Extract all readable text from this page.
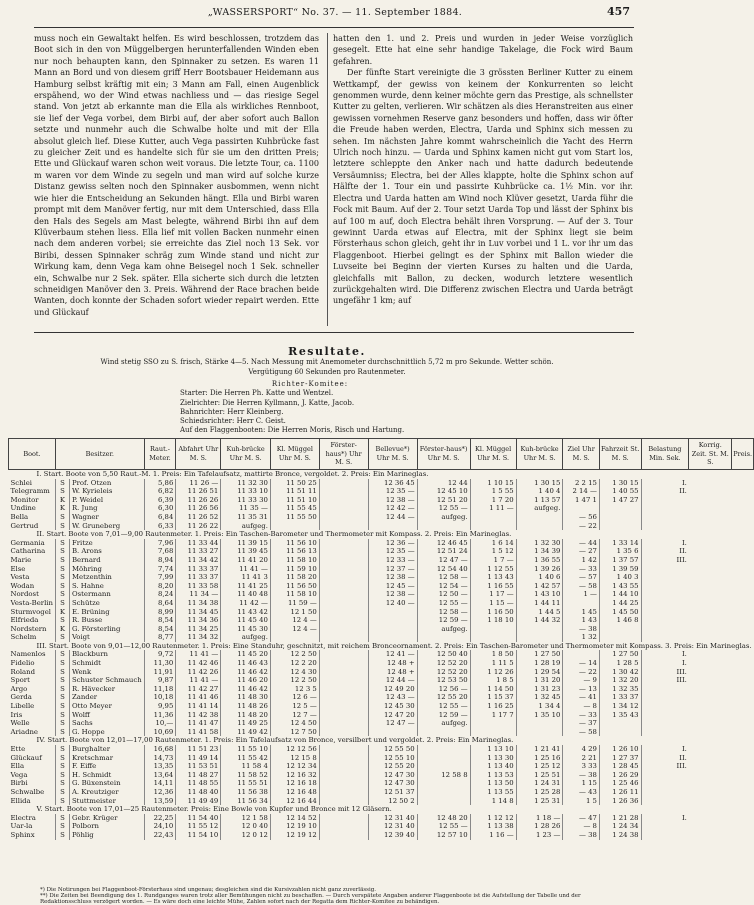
„WASSERSPORT“ No. 37. — 11. September 1884.	457

muss noch ein Gewaltakt helfen. Es wird beschlossen, trotzdem das Boot sich in den von Müggelbergen herunterfallenden Winden eben nur noch behaupten kann, den Spinnaker zu setzen. Es waren 11 Mann an Bord und von diesem griff Herr Bootsbauer Heidemann aus Hamburg selbst kräftig mit ein; 3 Mann am Fall, einen Augenblick erspähend, wo der Wind etwas nachliess und — das riesige Segel stand. Von jetzt ab erkannte man die Ella als wirkliches Rennboot, sie lief der Vega vorbei, dem Birbi auf, der aber sofort auch Ballon setzte und nunmehr auch die Schwalbe holte und mit der Ella absolut gleich lief. Diese Kutter, auch Vega passirten Kuhbrücke fast zu gleicher Zeit und es handelte sich für sie um den dritten Preis; Ette und Glückauf waren schon weit voraus. Die letzte Tour, ca. 1100 m waren vor dem Winde zu segeln und man wird auf solche kurze Distanz gewiss selten noch den Spinnaker ausbommen, wenn nicht wie hier die Entscheidung an Sekunden hängt. Ella und Birbi waren prompt mit dem Manöver fertig, nur mit dem Unterschied, dass Ella den Hals des Segels am Mast belegte, während Birbi ihn auf dem Klüverbaum stehen liess. Ella lief mit vollen Backen nunmehr einen nach dem anderen vorbei; sie erreichte das Ziel noch 13 Sek. vor Biribi, dessen Spinnaker schräg zum Winde stand und nicht zur Wirkung kam, denn Vega kam ohne Beisegel noch 1 Sek. schneller ein, Schwalbe nur 2 Sek. später. Ella sicherte sich durch die letzten schneidigen Manöver den 3. Preis. Während der Race brachen beide Wanten, doch konnte der Schaden sofort wieder repairt werden. Ette und Glückauf

hatten den 1. und 2. Preis und wurden in jeder Weise vorzüglich gesegelt. Ette hat eine sehr handige Takelage, die Fock wird Baum gefahren.

Der fünfte Start vereinigte die 3 grössten Berliner Kutter zu einem Wettkampf, der gewiss von keinem der Konkurrenten so leicht genommen wurde, denn keiner möchte gern das Prestige, als schnellster Kutter zu gelten, verlieren. Wir schätzen als dies Heranstreiten aus einer gewissen vornehmen Reserve ganz besonders und hoffen, dass wir öfter die Freude haben werden, Electra, Uarda und Sphinx sich messen zu sehen. Im nächsten Jahre kommt wahrscheinlich die Yacht des Herrn Ulrich noch hinzu. — Uarda und Sphinx kamen nicht gut vom Start los, letztere schleppte den Anker nach und hatte dadurch bedeutende Versäumniss; Electra, bei der Alles klappte, holte die Sphinx schon auf Hälfte der 1. Tour ein und passirte Kuhbrücke ca. 1½ Min. vor ihr. Electra und Uarda hatten am Wind noch Klüver gesetzt, Uarda führ die Fock mit Baum. Auf der 2. Tour setzt Uarda Top und lässt der Sphinx bis auf 100 m auf, doch Electra behält ihren Vorsprung. — Auf der 3. Tour gewinnt Uarda etwas auf Electra, mit der Sphinx liegt sie beim Försterhaus schon gleich, geht ihr in Luv vorbei und 1 L. vor ihr um das Flaggenboot. Hierbei gelingt es der Sphinx mit Ballon wieder die Luvseite bei Beginn der vierten Kurses zu halten und die Uarda, gleichfalls mit Ballon, zu decken, wodurch letztere wesentlich zurückgehalten wird. Die Differenz zwischen Electra und Uarda beträgt ungefähr 1 km; auf

Resultate.
Wind stetig SSO zu S. frisch, Stärke 4—5. Nach Messung mit Anemometer durchschnittlich 5,72 m pro Sekunde. Wetter schön.
Vergütigung 60 Sekunden pro Rautenmeter.
Richter-Komitee:
Starter: Die Herren Ph. Katte und Wentzel.
Zielrichter: Die Herren Kyllmann, J. Katte, Jacob.
Bahnrichter: Herr Kleinberg.
Schiedsrichter: Herr C. Geist.
Auf den Flaggenbooten: Die Herren Moris, Risch und Hartung.
Boot.	Besitzer.		Raut.-Meter.	Abfahrt Uhr M. S.	Kuh-brücke Uhr M. S.	Kl. Müggel Uhr M. S.	Förster-haus*) Uhr M. S.	Bellevue*) Uhr M. S.	Förster-haus*) Uhr M. S.	Kl. Müggel Uhr M. S.	Kuh-brücke Uhr M. S.	Ziel Uhr M. S.	Fahrzeit St. M. S.	Belastung Min. Sek.	Korrig. Zeit. St. M. S.	Preis.
I. Start. Boote von 5,50 Raut.-M. 1. Preis: Ein Tafelaufsatz, mattirte Bronce, vergoldet. 2. Preis: Ein Marineglas.																
Schlei	S	Prof. Otzen	5,86	11 26 —	11 32 30	11 50 25		12 36 45	12 44	1 10 15	1 30 15	2 2 15	1 30 15	I.		
Telegramm	S	W. Kyrieleis	6,82	11 26 51	11 33 10	11 51 11		12 35 —	12 45 10	1 5 55	1 40 4	2 14 —	1 40 55	II.		
Monitor	K	P. Weidel	6,39	11 26 26	11 33 30	11 51 10		12 38 —	12 51 20	1 7 20	1 13 57	1 47 1	1 47 27			
Undine	K	R. Jung	6,30	11 26 56	11 35 —	11 55 45		12 42 —	12 55 —	1 11 —	aufgeg.					
Bella	S	Wagner	6,84	11 26 52	11 35 31	11 55 50		12 44 —	aufgeg.			— 56				
Gertrud	S	W. Gruneberg	6,33	11 26 22	aufgeg.							— 22				
II. Start. Boote von 7,01—9,00 Rautenmeter. 1. Preis: Ein Taschen-Barometer und Thermometer mit Kompass. 2. Preis: Ein Marineglas.																
Germania	S	Fritze	7,96	11 33 44	11 39 15	11 56 10		12 36 —	12 46 45	1 6 14	1 32 30	— 44	1 33 14	I.		
Catharina	S	B. Arons	7,68	11 33 27	11 39 45	11 56 13		12 35 —	12 51 24	1 5 12	1 34 39	— 27	1 35 6	II.		
Marie	S	Bernard	8,94	11 34 42	11 41 20	11 58 10		12 33 —	12 47 —	1 7 —	1 36 55	1 42	1 37 57	III.		
Else	S	Möhring	7,74	11 33 37	11 41 —	11 59 10		12 37 —	12 54 40	1 12 55	1 39 26	— 33	1 39 59			
Vesta	S	Metzenthin	7,99	11 33 37	11 41 3	11 58 20		12 38 —	12 58 —	1 13 43	1 40 6	— 57	1 40 3			
Wodan	S	S. Hahne	8,20	11 33 58	11 41 25	11 56 50		12 45 —	12 54 —	1 16 55	1 42 57	— 58	1 43 55			
Nordost	S	Ostermann	8,24	11 34 —	11 40 48	11 58 10		12 38 —	12 50 —	1 17 —	1 43 10	1 —	1 44 10			
Vesta-Berlin	S	Schütze	8,64	11 34 38	11 42 —	11 59 —		12 40 —	12 55 —	1 15 —	1 44 11		1 44 25			
Sturmvogel	K	E. Brüning	8,99	11 34 45	11 43 42	12 1 50			12 58 —	1 16 50	1 44 5	1 45	1 45 50			
Elfrieda	S	R. Busse	8,54	11 34 36	11 45 40	12 4 —			12 59 —	1 18 10	1 44 32	1 43	1 46 8			
Nordstern	K	G. Försterling	8,54	11 34 25	11 45 30	12 4 —			aufgeg.			— 38				
Schelm	S	Voigt	8,77	11 34 32	aufgeg.							1 32				
III. Start. Boote von 9,01—12,00 Rautenmeter. 1. Preis: Eine Standuhr, geschnitzt, mit reichem Bronceornament. 2. Preis: Ein Taschen-Barometer und Thermometer mit Kompass. 3. Preis: Ein Marineglas.																
Namenlos	S	Blackburn	9,72	11 41 —	11 45 20	12 2 50		12 41 —	12 50 40	1 8 50	1 27 50		1 27 50	I.		
Fidelio	S	Schmidt	11,30	11 42 46	11 46 43	12 2 20		12 48 +	12 52 20	1 11 5	1 28 19	— 14	1 28 5	I.		
Roland	S	Wenk	11,91	11 42 26	11 46 42	12 4 30		12 48 +	12 52 20	1 12 26	1 29 54	— 22	1 30 42	III.		
Sport	S	Schuster Schmauch	9,87	11 41 —	11 46 20	12 2 50		12 44 —	12 53 50	1 8 5	1 31 20	— 9	1 32 20	III.		
Argo	S	R. Hävecker	11,18	11 42 27	11 46 42	12 3 5		12 49 20	12 56 —	1 14 50	1 31 23	— 13	1 32 35			
Gerda	S	Zander	10,18	11 41 46	11 48 30	12 6 —		12 43 —	12 55 20	1 15 37	1 32 45	— 41	1 33 37			
Libelle	S	Otto Meyer	9,95	11 41 14	11 48 26	12 5 —		12 45 30	12 55 —	1 16 25	1 34 4	— 8	1 34 12			
Iris	S	Wolff	11,36	11 42 38	11 48 20	12 7 —		12 47 20	12 59 —	1 17 7	1 35 10	— 33	1 35 43			
Welle	S	Sachs	10,—	11 41 47	11 49 25	12 4 50		12 47 —	aufgeg.			— 37				
Ariadne	S	G. Hoppe	10,69	11 41 58	11 49 42	12 7 50						— 58				
IV. Start. Boote von 12,01—17,00 Rautenmeter. 1. Preis: Ein Tafelaufsatz von Bronce, versilbert und vergoldet. 2. Preis: Ein Marineglas.																
Ette	S	Burghalter	16,68	11 51 23	11 55 10	12 12 56		12 55 50		1 13 10	1 21 41	4 29	1 26 10	I.		
Glückauf	S	Kretschmar	14,73	11 49 14	11 55 42	12 15 8		12 55 10		1 13 30	1 25 16	2 21	1 27 37	II.		
Ella	S	F. Eiffe	13,35	11 53 51	11 58 4	12 12 34		12 55 20		1 13 40	1 25 12	3 33	1 28 45	III.		
Vega	S	H. Schmidt	13,64	11 48 27	11 58 52	12 16 32		12 47 30	12 58 8	1 13 53	1 25 51	— 38	1 26 29			
Birbi	S	G. Büxenstein	14,11	11 48 55	11 55 51	12 16 18		12 47 30		1 13 50	1 24 31	1 15	1 25 46			
Schwalbe	S	A. Kreutziger	12,36	11 48 40	11 56 38	12 16 48		12 51 37		1 13 55	1 25 28	— 43	1 26 11			
Ellida	S	Stuttmeister	13,59	11 49 49	11 56 34	12 16 44		12 50 2		1 14 8	1 25 31	1 5	1 26 36			
V. Start. Boote von 17,01—25 Rautenmeter. Preis: Eine Bowle von Kupfer und Bronce mit 12 Gläsern.																
Electra	S	Gebr. Krüger	22,25	11 54 40	12 1 58	12 14 52		12 31 40	12 48 20	1 12 12	1 18 —	— 47	1 21 28	I.		
Uar-la	S	Polborn	24,10	11 55 12	12 0 40	12 19 10		12 31 40	12 55 —	1 13 38	1 28 26	— 8	1 24 34			
Sphinx	S	Pöhlig	22,43	11 54 10	12 0 12	12 19 12		12 39 40	12 57 10	1 16 —	1 23 —	— 38	1 24 38			
*) Die Notirungen bei Flaggenboot-Försterhaus sind ungenau; desgleichen sind die Kursivzahlen nicht ganz zuverlässig.
**) Die Zeiten bei Beendigung des 1. Rundganges waren trotz aller Bemühungen nicht zu beschaffen. — Durch verspätete Angaben anderer Flaggenboote ist die Aufstellung der Tabelle und der Redaktionsschluss verzögert worden. — Es wäre doch eine leichte Mühe, Zahlen sofort nach der Regatta dem Richter-Komitee zu behändigen.
